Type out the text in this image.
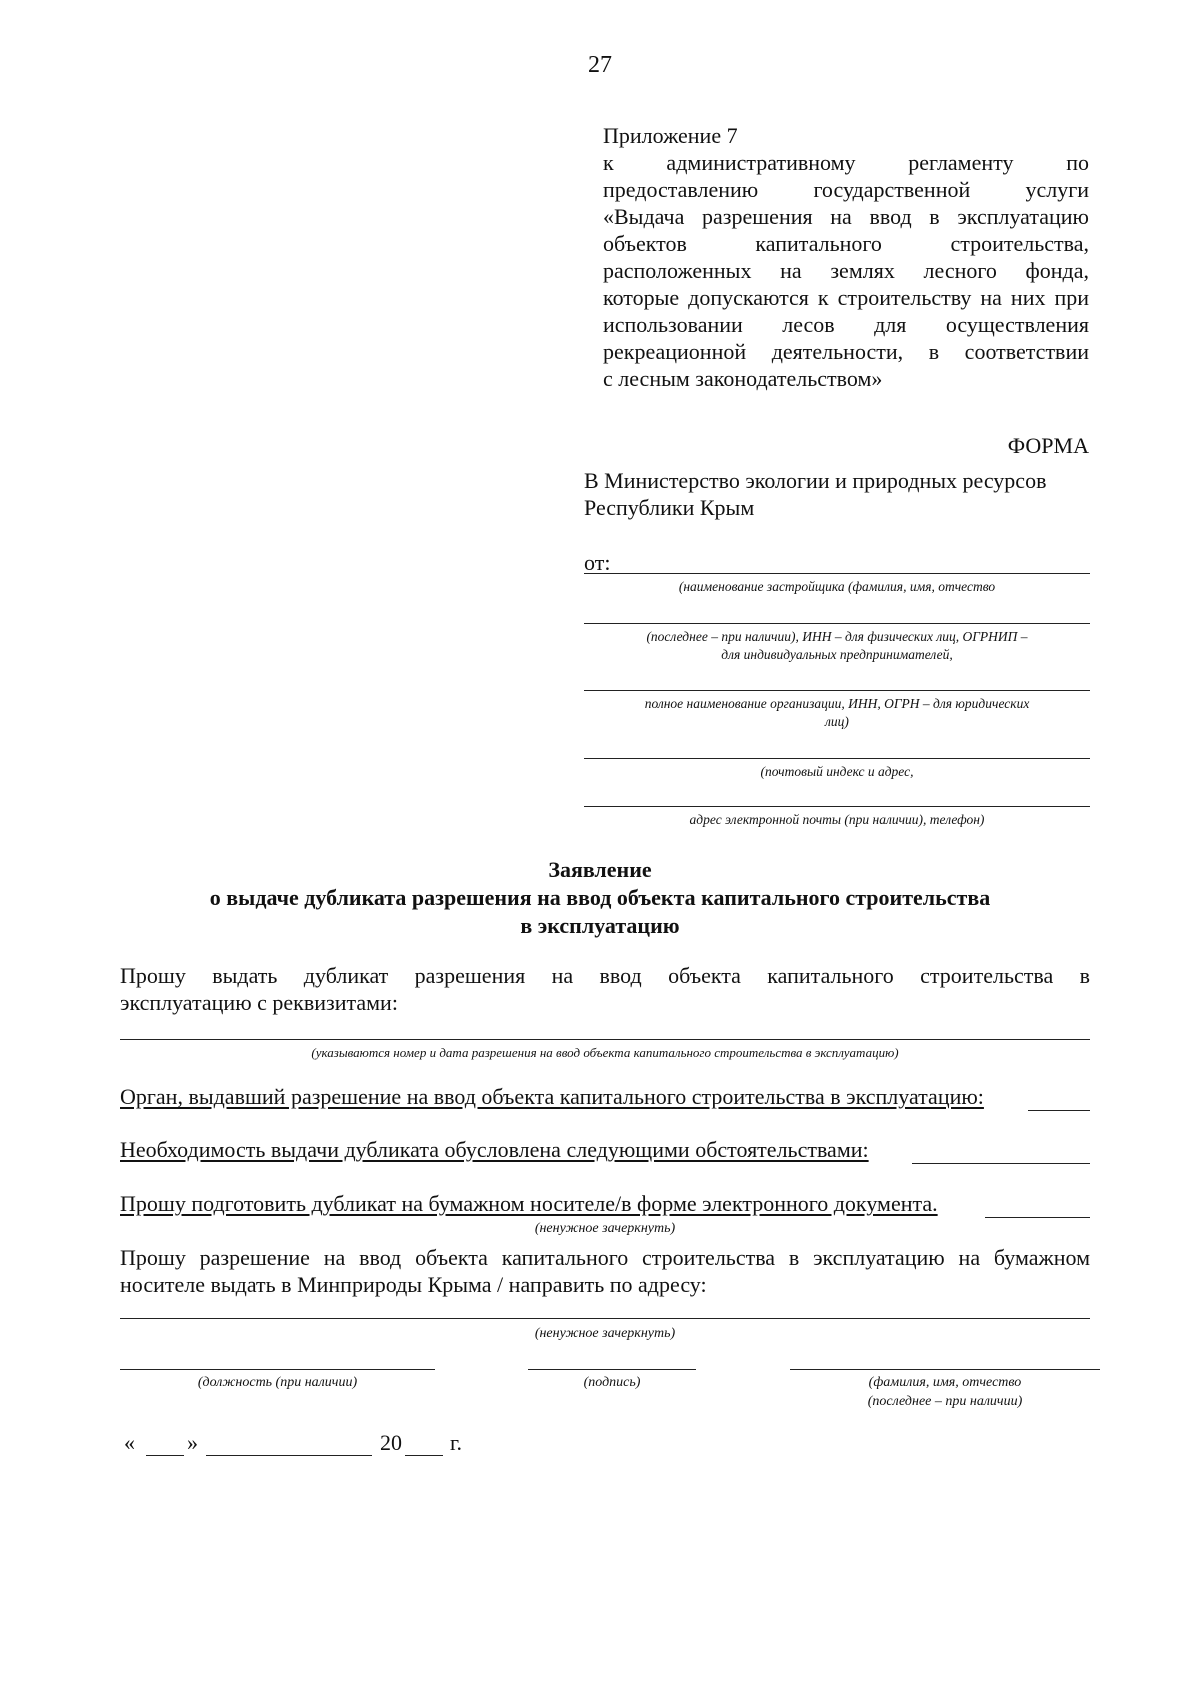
27
Приложение 7
к административному регламенту по
предоставлению государственной услуги
«Выдача разрешения на ввод в эксплуатацию
объектов капитального строительства,
расположенных на землях лесного фонда,
которые допускаются к строительству на них при
использовании лесов для осуществления
рекреационной деятельности, в соответствии
с лесным законодательством»
ФОРМА
В Министерство экологии и природных ресурсов
Республики Крым
от:
(наименование застройщика (фамилия, имя, отчество
(последнее – при наличии), ИНН – для физических лиц, ОГРНИП –
для индивидуальных предпринимателей,
полное наименование организации, ИНН, ОГРН – для юридических
лиц)
(почтовый индекс и адрес,
адрес электронной почты (при наличии), телефон)
Заявление
о выдаче дубликата разрешения на ввод объекта капитального строительства
в эксплуатацию
Прошу выдать дубликат разрешения на ввод объекта капитального строительства в
эксплуатацию с реквизитами:
(указываются номер и дата разрешения на ввод объекта капитального строительства в эксплуатацию)
Орган, выдавший разрешение на ввод объекта капитального строительства в эксплуатацию:
Необходимость выдачи дубликата обусловлена следующими обстоятельствами:
Прошу подготовить дубликат на бумажном носителе/в форме электронного документа.
(ненужное зачеркнуть)
Прошу разрешение на ввод объекта капитального строительства в эксплуатацию на бумажном
носителе выдать в Минприроды Крыма / направить по адресу:
(ненужное зачеркнуть)
(должность (при наличии)	(подпись)	(фамилия, имя, отчество
(последнее – при наличии)
« »	20 г.
